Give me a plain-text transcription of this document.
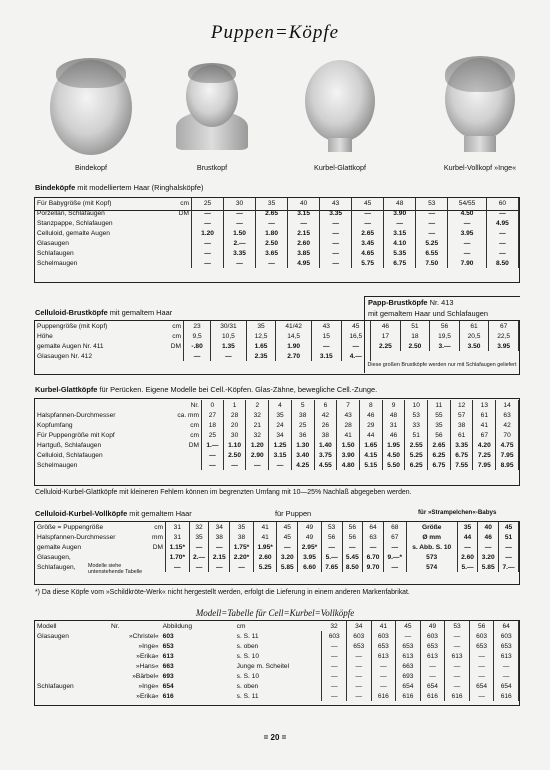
Puppen=Köpfe
Bindekopf	Brustkopf	Kurbel-Glattkopf	Kurbel-Vollkopf »Inge«
Bindeköpfe mit modelliertem Haar (Ringhalsköpfe)
Für Babygröße (mit Kopf)	cm	25	30	35	40	43	45	48	53	54/55	60
Porzellan, Schlafaugen	DM	—	—	2.65	3.15	3.35	—	3.90	—	4.50	—
Stanzpappe, Schlafaugen		—	—	—	—	—	—	—	—	—	4.95
Celluloid, gemalte Augen		1.20	1.50	1.80	2.15	—	2.65	3.15	—	3.95	—
Glasaugen		—	2.—	2.50	2.60	—	3.45	4.10	5.25	—	—
Schlafaugen		—	3.35	3.65	3.85	—	4.65	5.35	6.55	—	—
Schelmaugen		—	—	—	4.95	—	5.75	6.75	7.50	7.90	8.50
Celluloid-Brustköpfe mit gemaltem Haar
Papp-Brustköpfe Nr. 413
mit gemaltem Haar und Schlafaugen
Puppengröße (mit Kopf)	cm	23	30/31	35	41/42	43	45	46	51	56	61	67
Höhe	cm	9,5	10,5	12,5	14,5	15	16,5	17	18	19,5	20,5	22,5
gemalte Augen Nr. 411	DM	-.80	1.35	1.65	1.90	—	—	2.25	2.50	3.—	3.50	3.95
Glasaugen Nr. 412		—	—	2.35	2.70	3.15	4.—					
Diese großen Brustköpfe werden nur mit Schlafaugen geliefert
Kurbel-Glattköpfe für Perücken. Eigene Modelle bei Cell.-Köpfen. Glas-Zähne, bewegliche Cell.-Zunge.
	Nr.	0	1	2	4	5	6	7	8	9	10	11	12	13	14
Halspfannen-Durchmesser	ca. mm	27	28	32	35	38	42	43	46	48	53	55	57	61	63
Kopfumfang	cm	18	20	21	24	25	26	28	29	31	33	35	38	41	42
Für Puppengröße mit Kopf	cm	25	30	32	34	36	38	41	44	46	51	56	61	67	70
Hartguß, Schlafaugen	DM	1.—	1.10	1.20	1.25	1.30	1.40	1.50	1.65	1.95	2.55	2.65	3.35	4.20	4.75
Celluloid, Schlafaugen		—	2.50	2.90	3.15	3.40	3.75	3.90	4.15	4.50	5.25	6.25	6.75	7.25	7.95
Schelmaugen		—	—	—	—	4.25	4.55	4.80	5.15	5.50	6.25	6.75	7.55	7.95	8.95
Celluloid-Kurbel-Glattköpfe mit kleineren Fehlern können im begrenzten Umfang mit 10—25% Nachlaß abgegeben werden.
Celluloid-Kurbel-Vollköpfe mit gemaltem Haar	für Puppen	für »Strampelchen«-Babys
Größe = Puppengröße	cm	31	32	34	35	41	45	49	53	56	64	68	Größe	35	40	45
Halspfannen-Durchmesser	mm	31	35	38	38	41	45	49	56	56	63	67	Ø mm	44	46	51
gemalte Augen	DM	1.15*	—	—	1.75*	1.95*	—	2.95*	—	—	—	—	s. Abb. S. 10	—	—	—
Glasaugen,		1.70*	2.—	2.15	2.20*	2.60	3.20	3.95	5.—	5.45	6.70	9.—*	573	2.60	3.20	—
Schlafaugen,		—	—	—	—	5.25	5.85	6.60	7.65	8.50	9.70	—	574	5.—	5.85	7.—
Modelle siehe untenstehende Tabelle
*) Da diese Köpfe vom »Schildkröte-Werk« nicht hergestellt werden, erfolgt die Lieferung in einem anderen Markenfabrikat.
Modell=Tabelle für Cell=Kurbel=Vollköpfe
Modell	Nr.	Abbildung	cm	32	34	41	45	49	53	56	64
Glasaugen	»Christel«	603	s. S. 11	603	603	603	—	603	—	603	603
	»Inge«	653	s. oben	—	653	653	653	653	—	653	653
	»Erika«	613	s. S. 10	—	—	613	613	613	613	—	613
	»Hans«	663	Junge m. Scheitel	—	—	—	663	—	—	—	—
	»Bärbel«	693	s. S. 10	—	—	—	693	—	—	—	—
Schlafaugen	»Inge«	654	s. oben	—	—	—	654	654	—	654	654
	»Erika«	616	s. S. 11	—	—	616	616	616	616	—	616
= 20 =
